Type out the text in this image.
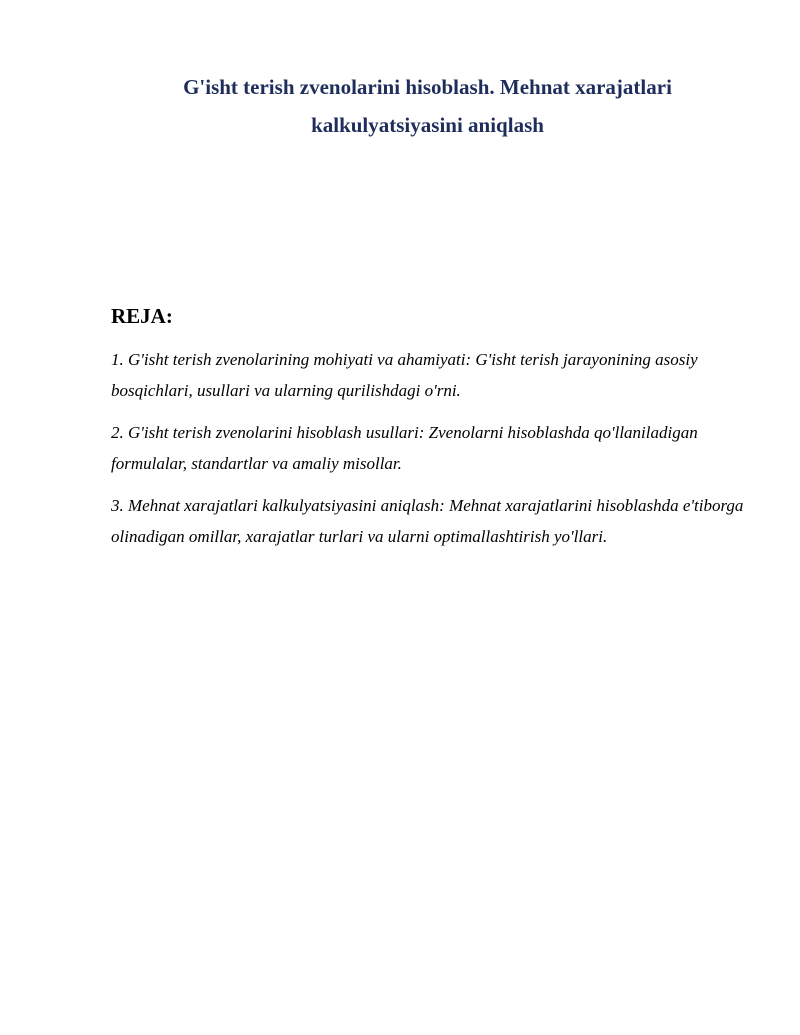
G'isht terish zvenolarini hisoblash. Mehnat xarajatlari kalkulyatsiyasini aniqlash
REJA:
1. G'isht terish zvenolarining mohiyati va ahamiyati: G'isht terish jarayonining asosiy bosqichlari, usullari va ularning qurilishdagi o'rni.
2. G'isht terish zvenolarini hisoblash usullari: Zvenolarni hisoblashda qo'llaniladigan formulalar, standartlar va amaliy misollar.
3. Mehnat xarajatlari kalkulyatsiyasini aniqlash: Mehnat xarajatlarini hisoblashda e'tiborga olinadigan omillar, xarajatlar turlari va ularni optimallashtirish yo'llari.
